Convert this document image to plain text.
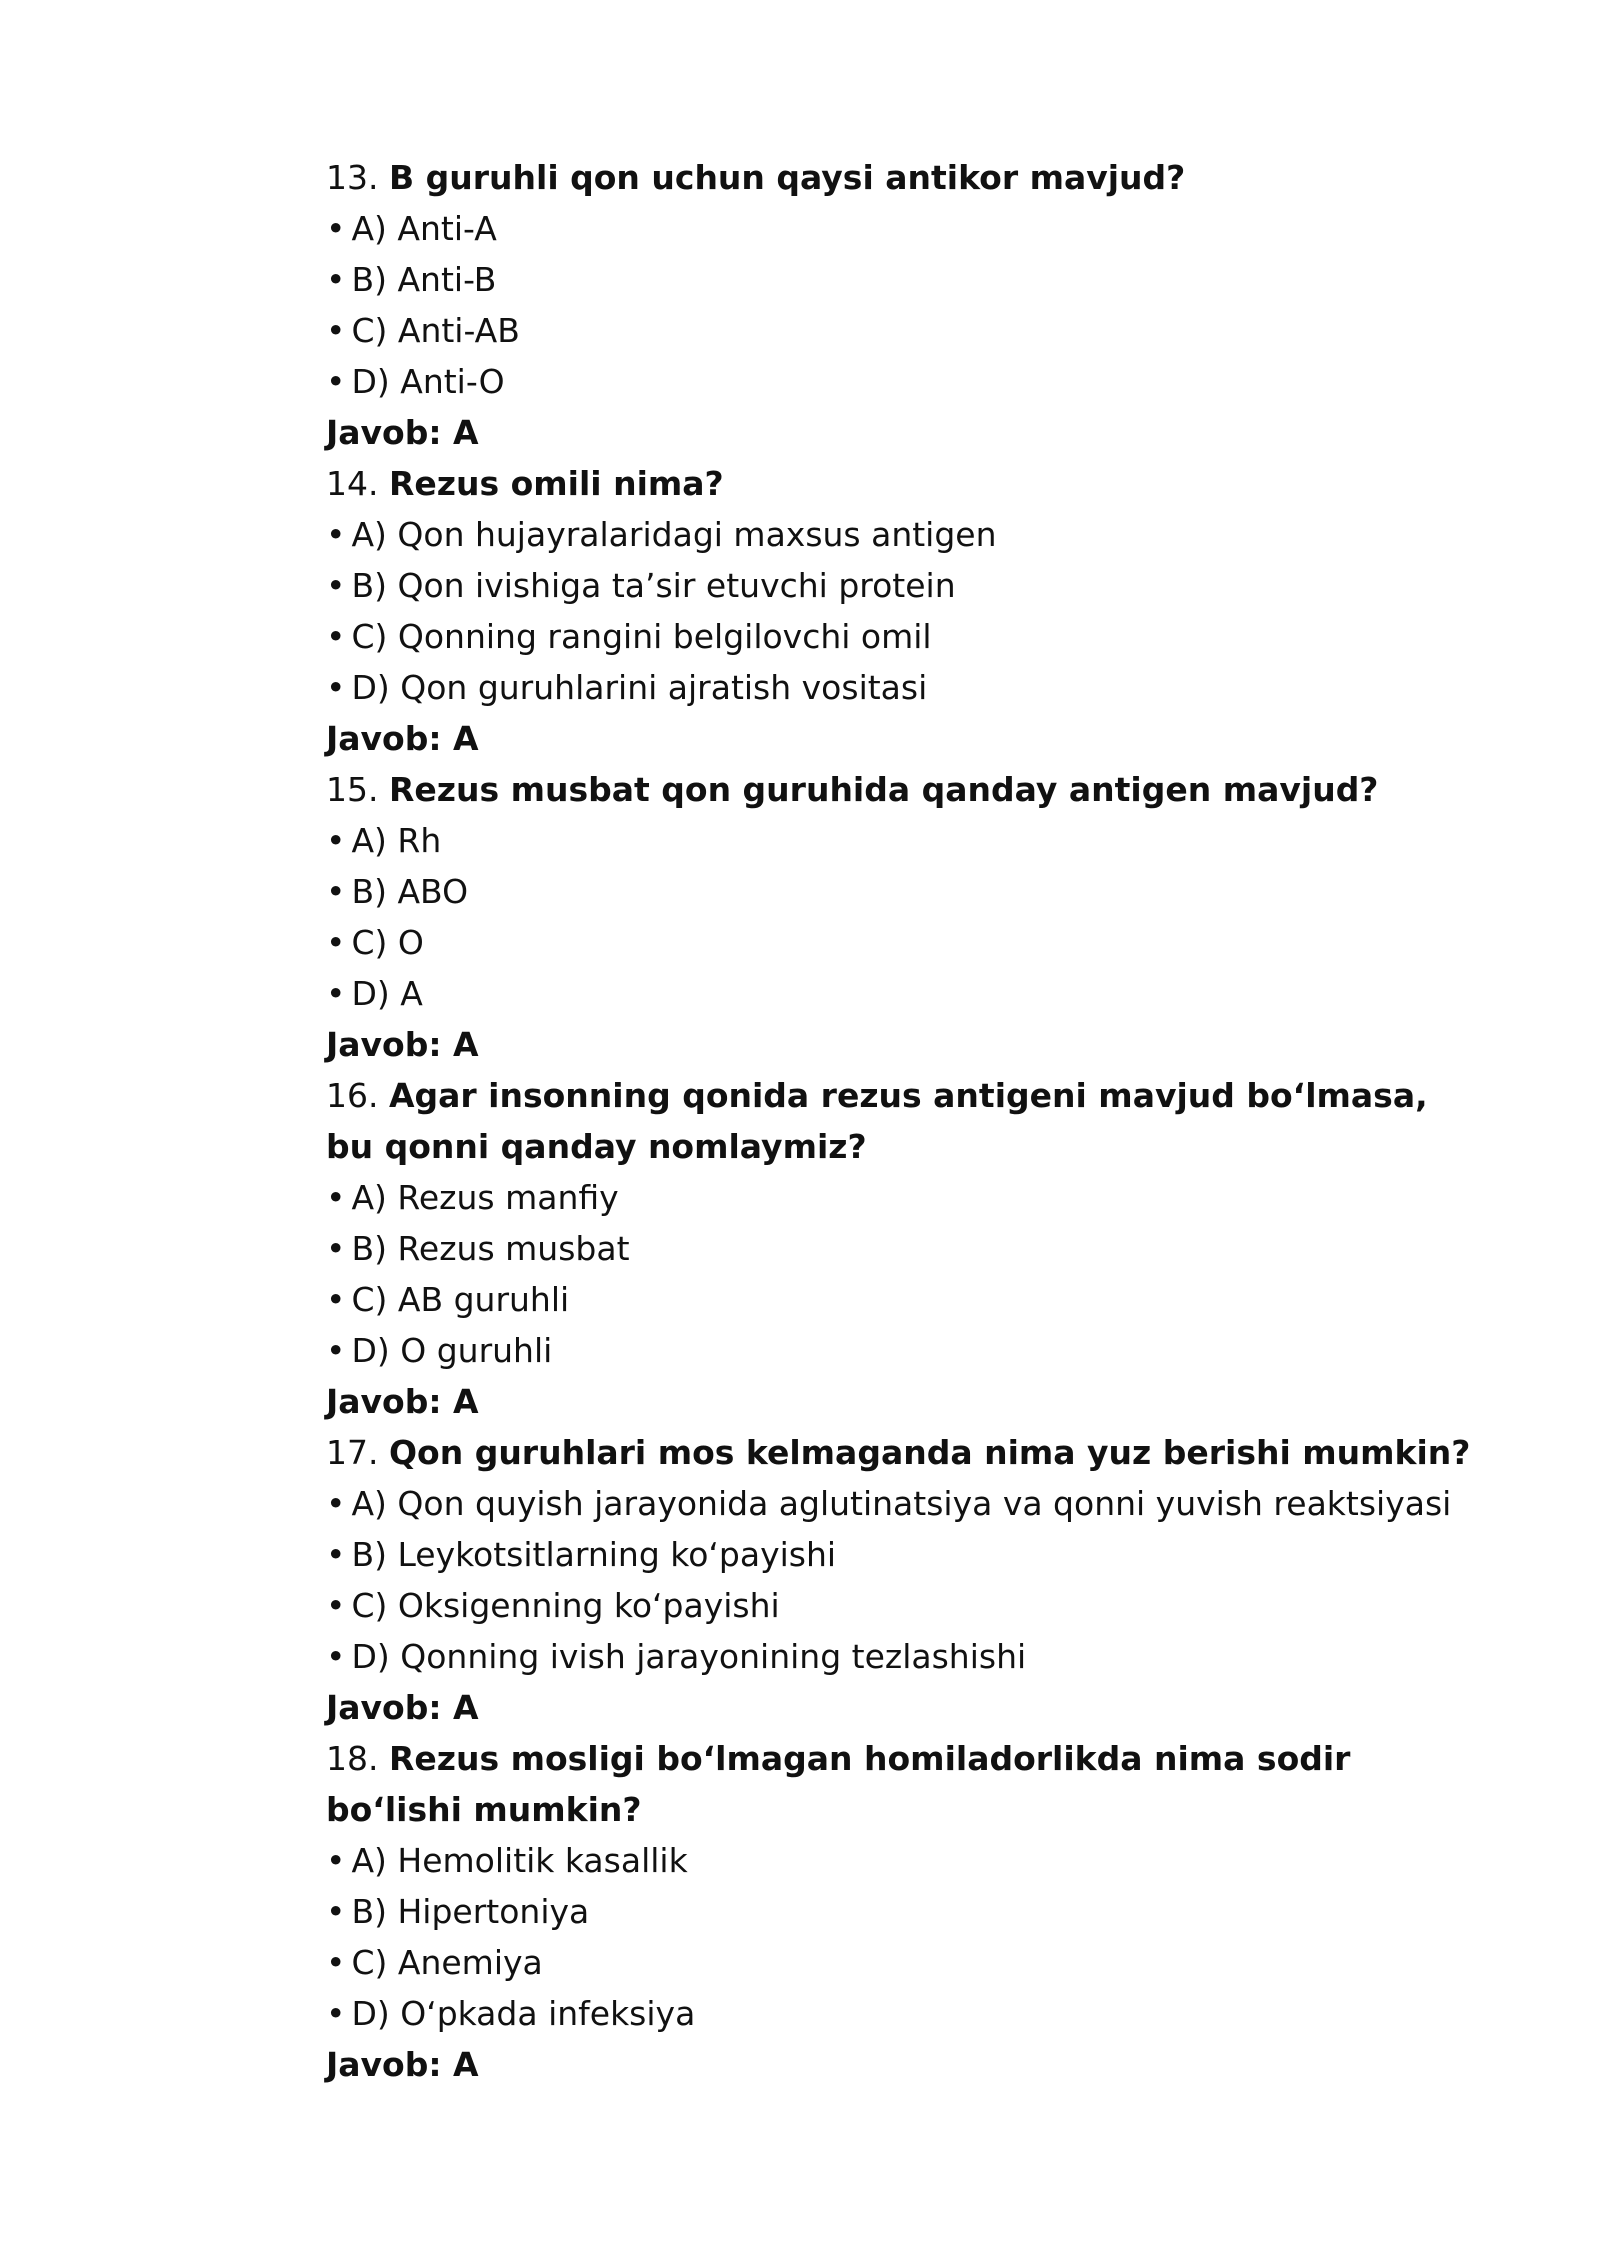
13. B guruhli qon uchun qaysi antikor mavjud?
• A) Anti-A
• B) Anti-B
• C) Anti-AB
• D) Anti-O
Javob: A
14. Rezus omili nima?
• A) Qon hujayralaridagi maxsus antigen
• B) Qon ivishiga ta’sir etuvchi protein
• C) Qonning rangini belgilovchi omil
• D) Qon guruhlarini ajratish vositasi
Javob: A
15. Rezus musbat qon guruhida qanday antigen mavjud?
• A) Rh
• B) ABO
• C) O
• D) A
Javob: A
16. Agar insonning qonida rezus antigeni mavjud boʻlmasa, bu qonni qanday nomlaymiz?
• A) Rezus manfiy
• B) Rezus musbat
• C) AB guruhli
• D) O guruhli
Javob: A
17. Qon guruhlari mos kelmaganda nima yuz berishi mumkin?
• A) Qon quyish jarayonida aglutinatsiya va qonni yuvish reaktsiyasi
• B) Leykotsitlarning koʻpayishi
• C) Oksigenning koʻpayishi
• D) Qonning ivish jarayonining tezlashishi
Javob: A
18. Rezus mosligi boʻlmagan homiladorlikda nima sodir boʻlishi mumkin?
• A) Hemolitik kasallik
• B) Hipertoniya
• C) Anemiya
• D) Oʻpkada infeksiya
Javob: A
